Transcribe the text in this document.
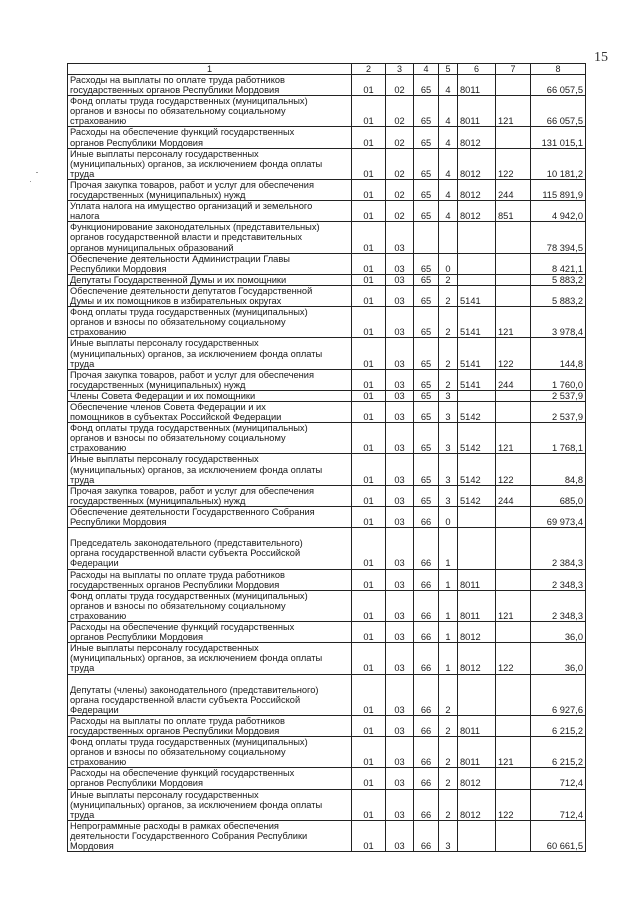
15
1	2	3	4	5	6	7	8
Расходы на выплаты по оплате труда работников
государственных органов Республики Мордовия	01	02	65	4	8011		66 057,5
Фонд оплаты труда государственных (муниципальных)
органов и взносы по обязательному социальному
страхованию	01	02	65	4	8011	121	66 057,5
Расходы на обеспечение функций государственных
органов Республики Мордовия	01	02	65	4	8012		131 015,1
Иные выплаты персоналу государственных
(муниципальных) органов, за исключением фонда оплаты
труда	01	02	65	4	8012	122	10 181,2
Прочая закупка товаров, работ и услуг для обеспечения
государственных (муниципальных) нужд	01	02	65	4	8012	244	115 891,9
Уплата налога на имущество организаций и земельного
налога	01	02	65	4	8012	851	4 942,0
Функционирование законодательных (представительных)
органов государственной власти и представительных
органов муниципальных образований	01	03					78 394,5
Обеспечение деятельности Администрации Главы
Республики Мордовия	01	03	65	0			8 421,1
Депутаты Государственной Думы и их помощники	01	03	65	2			5 883,2
Обеспечение деятельности депутатов Государственной
Думы и их помощников в избирательных округах	01	03	65	2	5141		5 883,2
Фонд оплаты труда государственных (муниципальных)
органов и взносы по обязательному социальному
страхованию	01	03	65	2	5141	121	3 978,4
Иные выплаты персоналу государственных
(муниципальных) органов, за исключением фонда оплаты
труда	01	03	65	2	5141	122	144,8
Прочая закупка товаров, работ и услуг для обеспечения
государственных (муниципальных) нужд	01	03	65	2	5141	244	1 760,0
Члены Совета Федерации и их помощники	01	03	65	3			2 537,9
Обеспечение членов Совета Федерации и их
помощников в субъектах Российской Федерации	01	03	65	3	5142		2 537,9
Фонд оплаты труда государственных (муниципальных)
органов и взносы по обязательному социальному
страхованию	01	03	65	3	5142	121	1 768,1
Иные выплаты персоналу государственных
(муниципальных) органов, за исключением фонда оплаты
труда	01	03	65	3	5142	122	84,8
Прочая закупка товаров, работ и услуг для обеспечения
государственных (муниципальных) нужд	01	03	65	3	5142	244	685,0
Обеспечение деятельности Государственного Собрания
Республики Мордовия	01	03	66	0			69 973,4
Председатель законодательного (представительного)
органа государственной власти субъекта Российской
Федерации	01	03	66	1			2 384,3
Расходы на выплаты по оплате труда работников
государственных органов Республики Мордовия	01	03	66	1	8011		2 348,3
Фонд оплаты труда государственных (муниципальных)
органов и взносы по обязательному социальному
страхованию	01	03	66	1	8011	121	2 348,3
Расходы на обеспечение функций государственных
органов Республики Мордовия	01	03	66	1	8012		36,0
Иные выплаты персоналу государственных
(муниципальных) органов, за исключением фонда оплаты
труда	01	03	66	1	8012	122	36,0
Депутаты (члены) законодательного (представительного)
органа государственной власти субъекта Российской
Федерации	01	03	66	2			6 927,6
Расходы на выплаты по оплате труда работников
государственных органов Республики Мордовия	01	03	66	2	8011		6 215,2
Фонд оплаты труда государственных (муниципальных)
органов и взносы по обязательному социальному
страхованию	01	03	66	2	8011	121	6 215,2
Расходы на обеспечение функций государственных
органов Республики Мордовия	01	03	66	2	8012		712,4
Иные выплаты персоналу государственных
(муниципальных) органов, за исключением фонда оплаты
труда	01	03	66	2	8012	122	712,4
Непрограммные расходы в рамках обеспечения
деятельности Государственного Собрания Республики
Мордовия	01	03	66	3			60 661,5
